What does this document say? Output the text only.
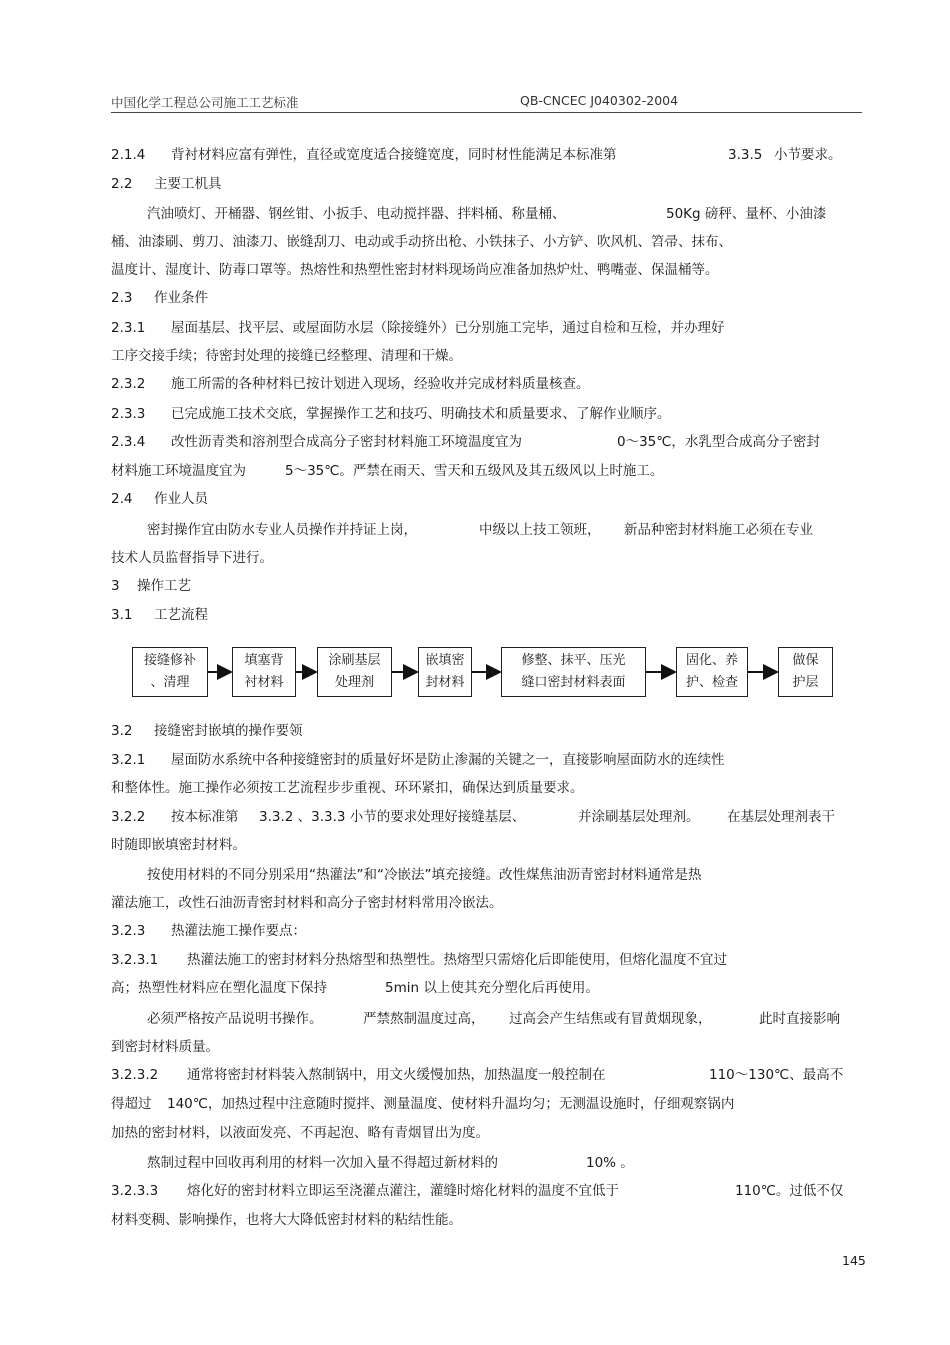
中国化学工程总公司施工工艺标准	QB-CNCEC J040302-2004
2.1.4 背衬材料应富有弹性，直径或宽度适合接缝宽度，同时材性能满足本标准第	3.3.5 小节要求。
2.2 主要工机具
汽油喷灯、开桶器、钢丝钳、小扳手、电动搅拌器、拌料桶、称量桶、	50Kg 磅秤、量杯、小油漆
桶、油漆刷、剪刀、油漆刀、嵌缝刮刀、电动或手动挤出枪、小铁抹子、小方铲、吹风机、笤帚、抹布、
温度计、湿度计、防毒口罩等。热熔性和热塑性密封材料现场尚应准备加热炉灶、鸭嘴壶、保温桶等。
2.3 作业条件
2.3.1 屋面基层、找平层、或屋面防水层（除接缝外）已分别施工完毕，通过自检和互检，并办理好
工序交接手续；待密封处理的接缝已经整理、清理和干燥。
2.3.2 施工所需的各种材料已按计划进入现场，经验收并完成材料质量核查。
2.3.3 已完成施工技术交底，掌握操作工艺和技巧、明确技术和质量要求、了解作业顺序。
2.3.4 改性沥青类和溶剂型合成高分子密封材料施工环境温度宜为	0～35℃，水乳型合成高分子密封
材料施工环境温度宜为	5～35℃。严禁在雨天、雪天和五级风及其五级风以上时施工。
2.4 作业人员
密封操作宜由防水专业人员操作并持证上岗，	中级以上技工领班， 新品种密封材料施工必须在专业
技术人员监督指导下进行。
3 操作工艺
3.1 工艺流程
3.2 接缝密封嵌填的操作要领
3.2.1 屋面防水系统中各种接缝密封的质量好坏是防止渗漏的关键之一，直接影响屋面防水的连续性
和整体性。施工操作必须按工艺流程步步重视、环环紧扣，确保达到质量要求。
3.2.2 按本标准第 3.3.2 、3.3.3 小节的要求处理好接缝基层、	并涂刷基层处理剂。 在基层处理剂表干
时随即嵌填密封材料。
按使用材料的不同分别采用“热灌法”和“冷嵌法”填充接缝。改性煤焦油沥青密封材料通常是热
灌法施工，改性石油沥青密封材料和高分子密封材料常用冷嵌法。
3.2.3 热灌法施工操作要点：
3.2.3.1 热灌法施工的密封材料分热熔型和热塑性。热熔型只需熔化后即能使用，但熔化温度不宜过
高；热塑性材料应在塑化温度下保持	5min 以上使其充分塑化后再使用。
必须严格按产品说明书操作。	严禁熬制温度过高， 过高会产生结焦或有冒黄烟现象，	此时直接影响
到密封材料质量。
3.2.3.2 通常将密封材料装入熬制锅中，用文火缓慢加热，加热温度一般控制在	110～130℃、最高不
得超过 140℃，加热过程中注意随时搅拌、测量温度、使材料升温均匀；无测温设施时，仔细观察锅内
加热的密封材料，以液面发亮、不再起泡、略有青烟冒出为度。
熬制过程中回收再利用的材料一次加入量不得超过新材料的	10% 。
3.2.3.3 熔化好的密封材料立即运至浇灌点灌注，灌缝时熔化材料的温度不宜低于	110℃。过低不仅
材料变稠、影响操作，也将大大降低密封材料的粘结性能。
接缝修补
、清理
填塞背
衬材料
涂刷基层
处理剂
嵌填密
封材料
修整、抹平、压光
缝口密封材料表面
固化、养
护、检查
做保
护层
145
